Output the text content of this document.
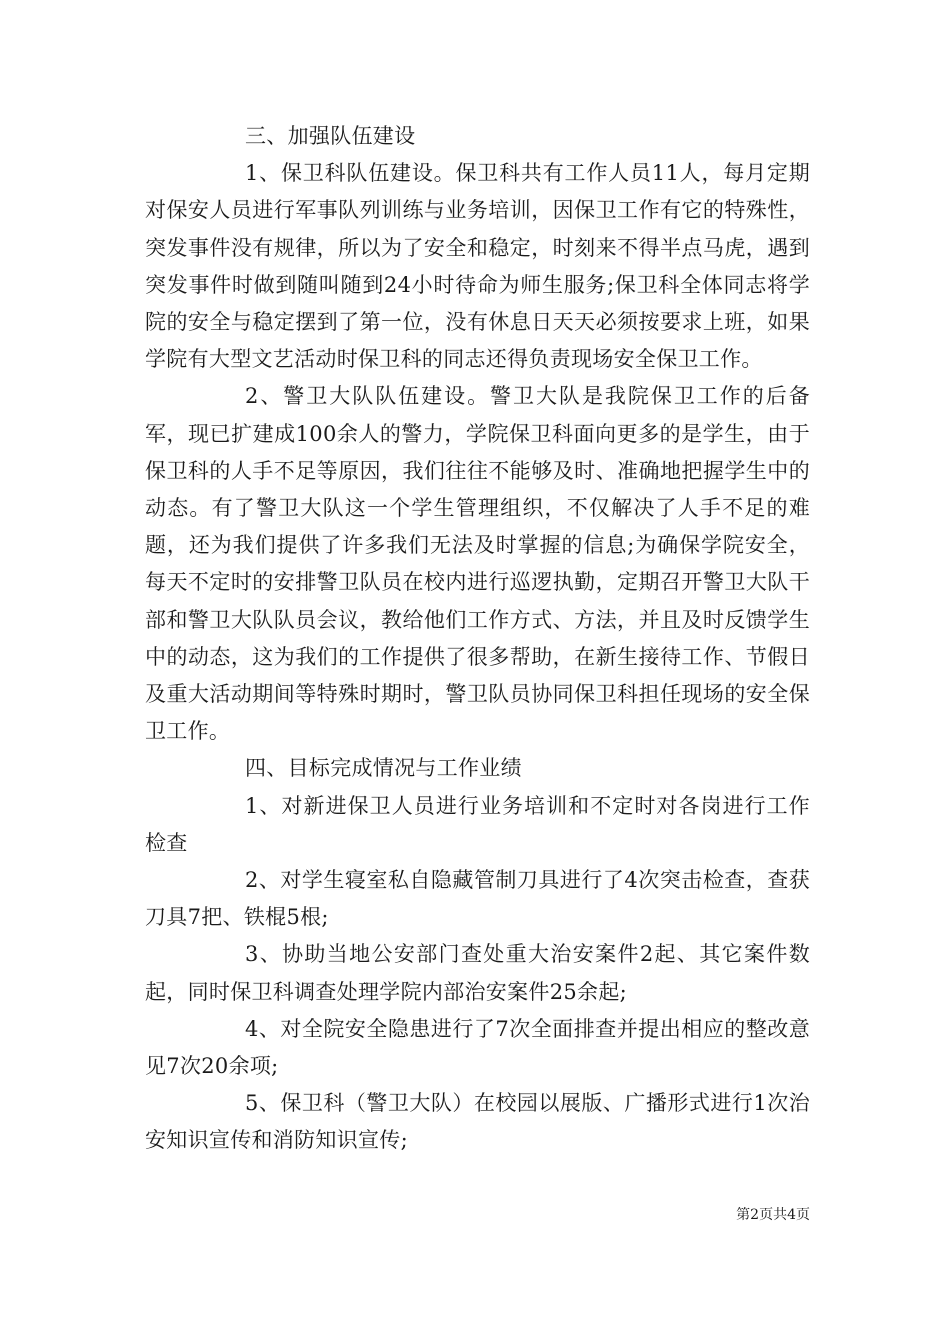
三、加强队伍建设

1、保卫科队伍建设。保卫科共有工作人员11人，每月定期对保安人员进行军事队列训练与业务培训，因保卫工作有它的特殊性，突发事件没有规律，所以为了安全和稳定，时刻来不得半点马虎，遇到突发事件时做到随叫随到24小时待命为师生服务;保卫科全体同志将学院的安全与稳定摆到了第一位，没有休息日天天必须按要求上班，如果学院有大型文艺活动时保卫科的同志还得负责现场安全保卫工作。

2、警卫大队队伍建设。警卫大队是我院保卫工作的后备军，现已扩建成100余人的警力，学院保卫科面向更多的是学生，由于保卫科的人手不足等原因，我们往往不能够及时、准确地把握学生中的动态。有了警卫大队这一个学生管理组织，不仅解决了人手不足的难题，还为我们提供了许多我们无法及时掌握的信息;为确保学院安全，每天不定时的安排警卫队员在校内进行巡逻执勤，定期召开警卫大队干部和警卫大队队员会议，教给他们工作方式、方法，并且及时反馈学生中的动态，这为我们的工作提供了很多帮助，在新生接待工作、节假日及重大活动期间等特殊时期时，警卫队员协同保卫科担任现场的安全保卫工作。

四、目标完成情况与工作业绩

1、对新进保卫人员进行业务培训和不定时对各岗进行工作检查

2、对学生寝室私自隐藏管制刀具进行了4次突击检查，查获刀具7把、铁棍5根;

3、协助当地公安部门查处重大治安案件2起、其它案件数起，同时保卫科调查处理学院内部治安案件25余起;

4、对全院安全隐患进行了7次全面排查并提出相应的整改意见7次20余项;

5、保卫科（警卫大队）在校园以展版、广播形式进行1次治安知识宣传和消防知识宣传;

第2页共4页
